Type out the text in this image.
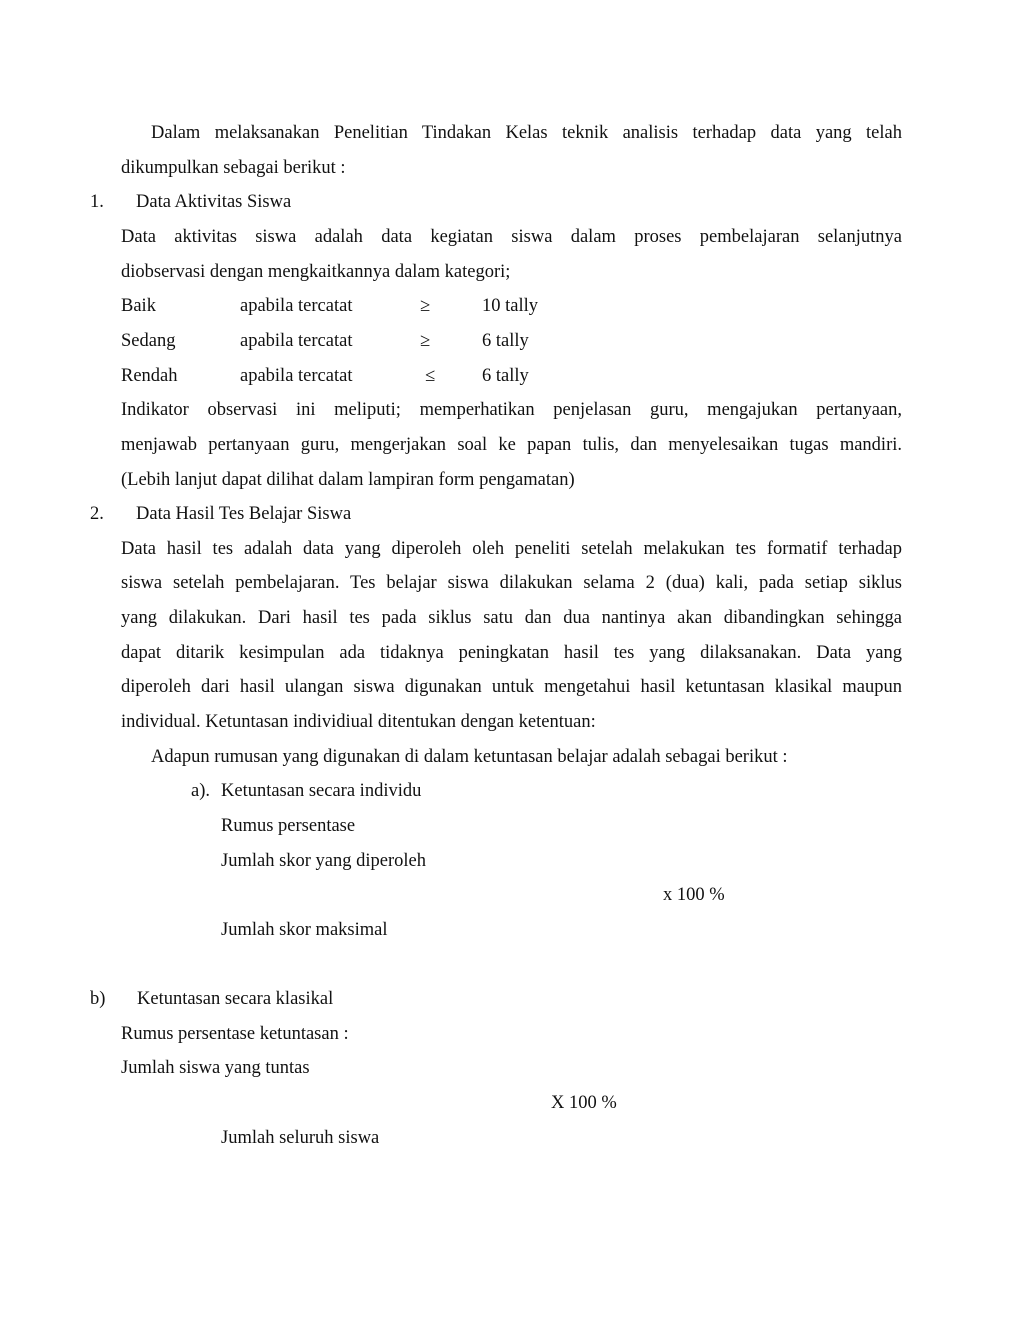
Dalam melaksanakan Penelitian Tindakan Kelas teknik analisis terhadap data yang telah
dikumpulkan sebagai berikut :
1. Data Aktivitas Siswa
Data aktivitas siswa adalah data kegiatan siswa dalam proses pembelajaran selanjutnya
diobservasi dengan mengkaitkannya dalam kategori;
Baik	apabila tercatat	≥	10 tally
Sedang	apabila tercatat	≥	6 tally
Rendah	apabila tercatat	≤	6 tally
Indikator observasi ini meliputi; memperhatikan penjelasan guru, mengajukan pertanyaan,
menjawab pertanyaan guru, mengerjakan soal ke papan tulis, dan menyelesaikan tugas mandiri.
(Lebih lanjut dapat dilihat dalam lampiran form pengamatan)
2. Data Hasil Tes Belajar Siswa
Data hasil tes adalah data yang diperoleh oleh peneliti setelah melakukan tes formatif terhadap
siswa setelah pembelajaran. Tes belajar siswa dilakukan selama 2 (dua) kali, pada setiap siklus
yang dilakukan. Dari hasil tes pada siklus satu dan dua nantinya akan dibandingkan sehingga
dapat ditarik kesimpulan ada tidaknya peningkatan hasil tes yang dilaksanakan. Data yang
diperoleh dari hasil ulangan siswa digunakan untuk mengetahui hasil ketuntasan klasikal maupun
individual. Ketuntasan individiual ditentukan dengan ketentuan:
Adapun rumusan yang digunakan di dalam ketuntasan belajar adalah sebagai berikut :
a). Ketuntasan secara individu
Rumus persentase
Jumlah skor yang diperoleh
x 100 %
Jumlah skor maksimal
b) Ketuntasan secara klasikal
Rumus persentase ketuntasan :
Jumlah siswa yang tuntas
X 100 %
Jumlah seluruh siswa
